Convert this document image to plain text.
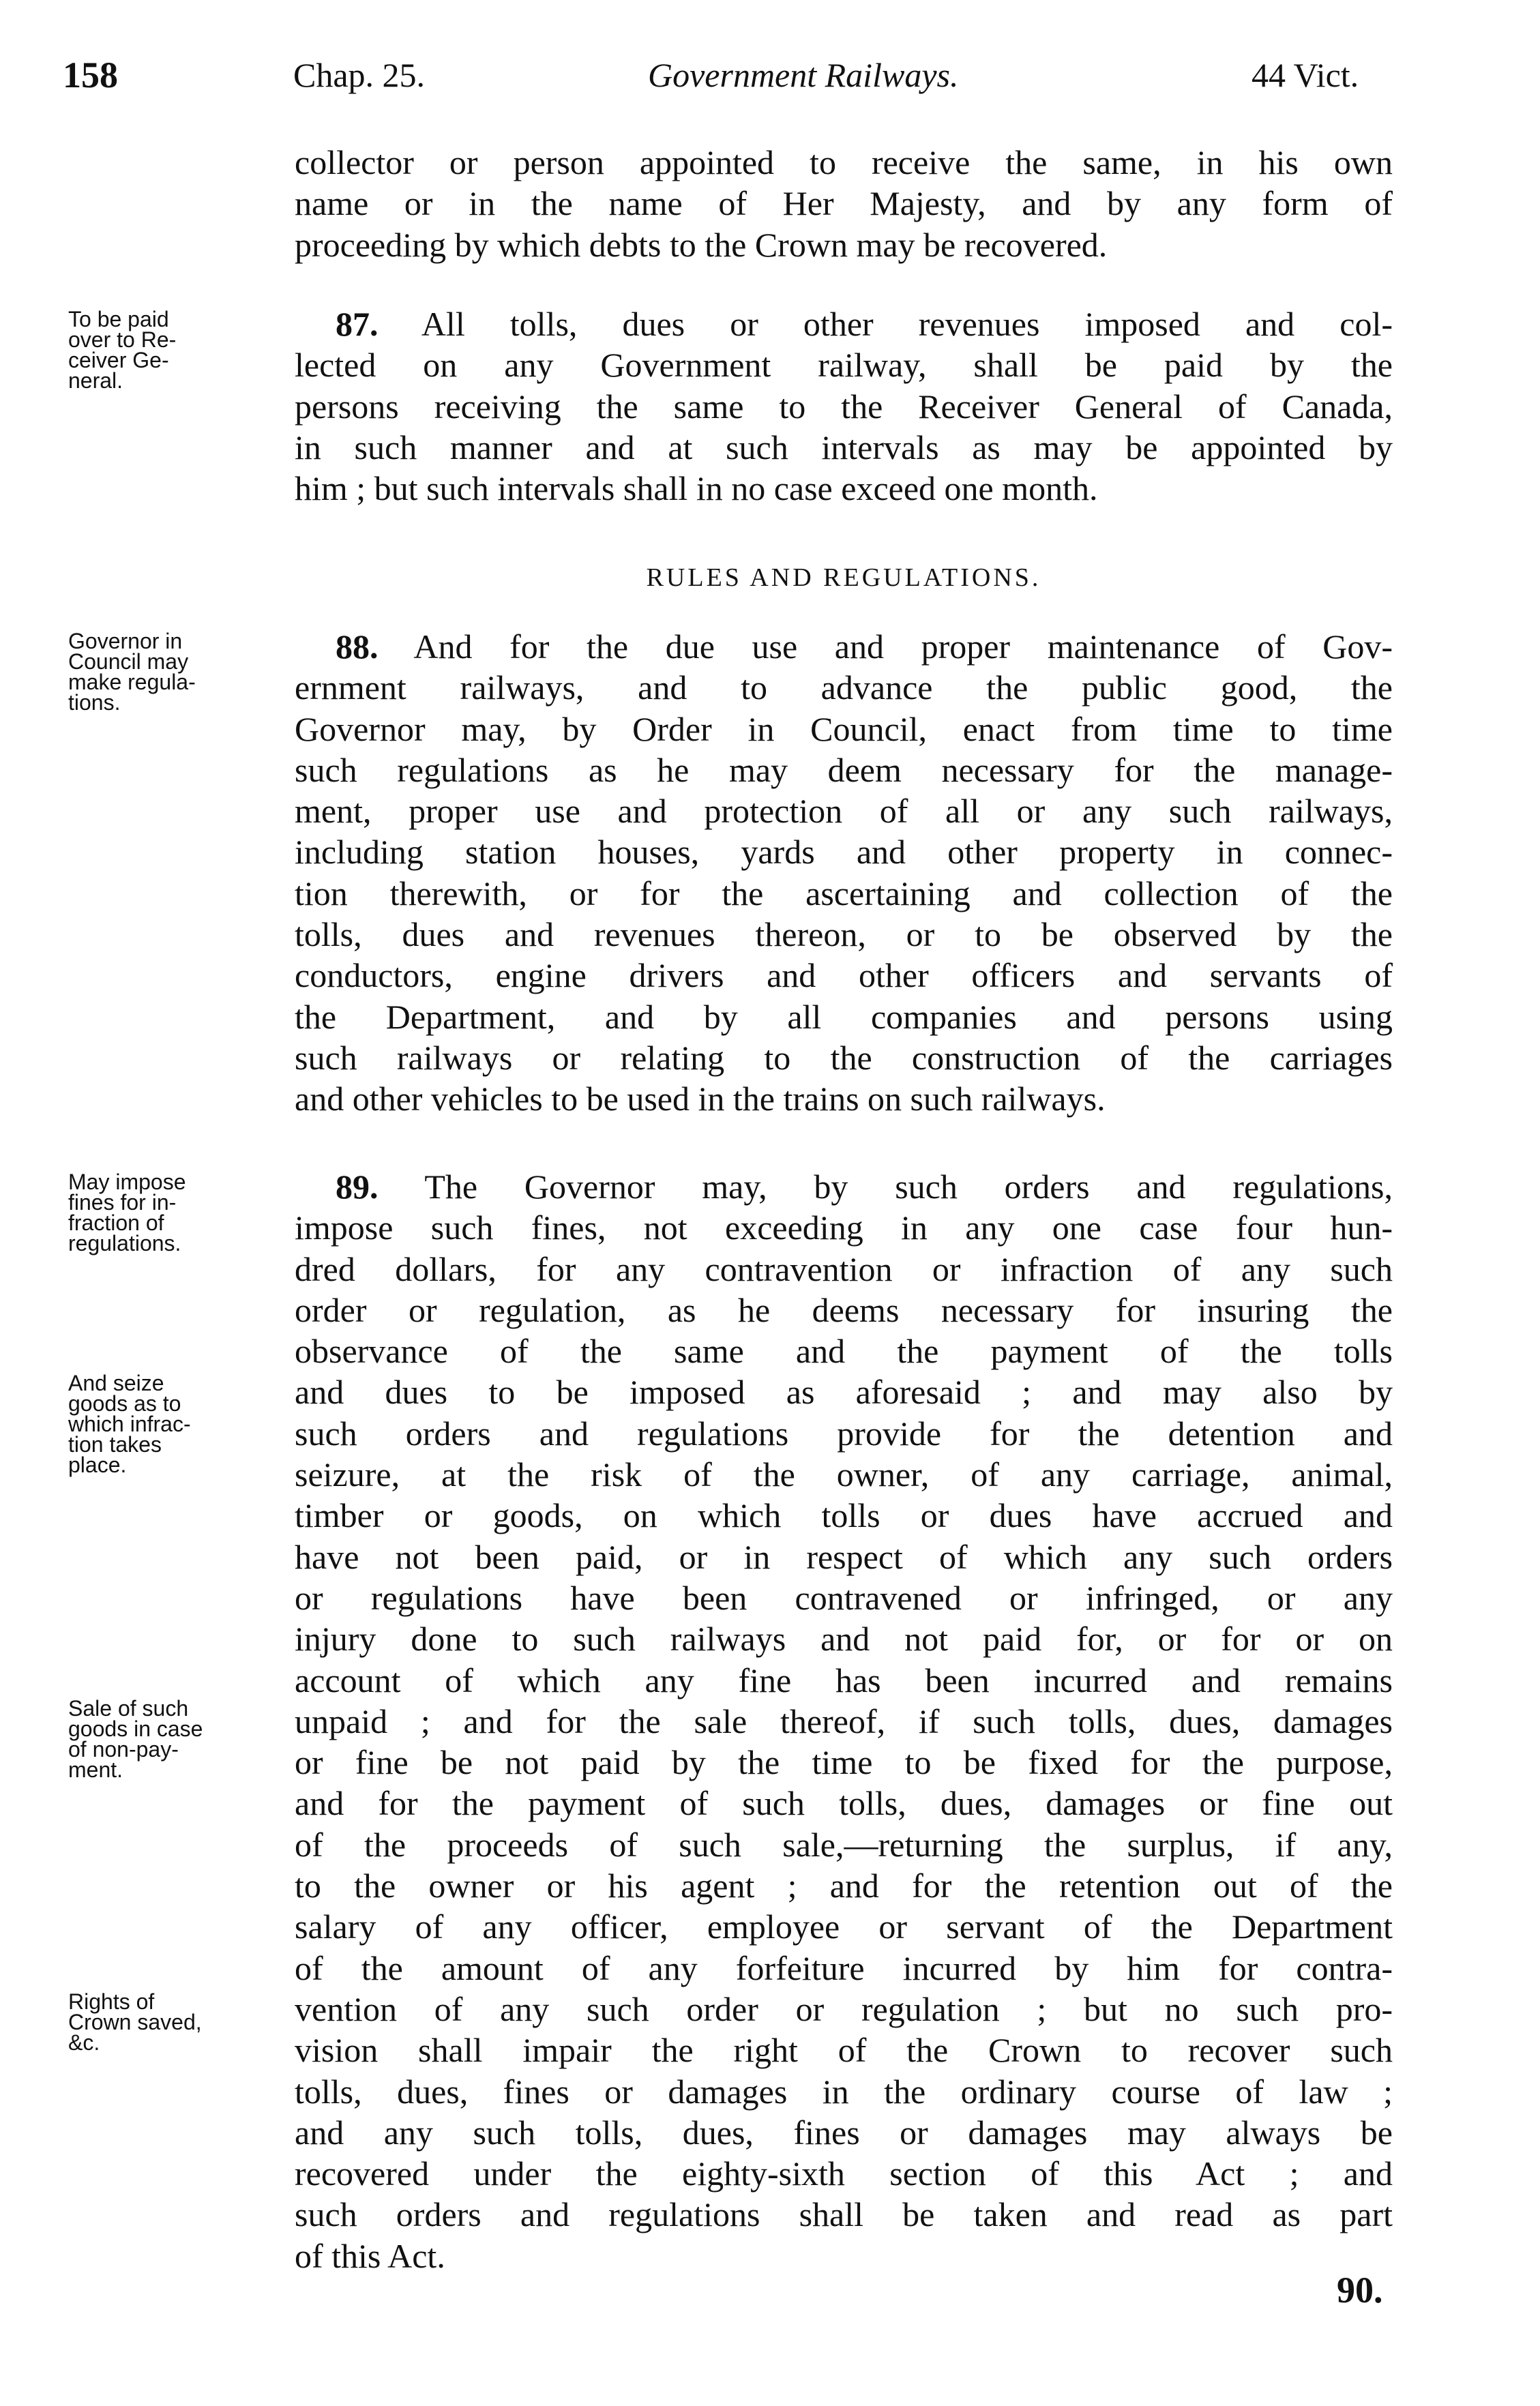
158	Chap. 25.	Government Railways.	44 Vict.
collector or person appointed to receive the same, in his own
name or in the name of Her Majesty, and by any form of
proceeding by which debts to the Crown may be recovered.
To be paid
over to Re-
ceiver Ge-
neral.
87. All tolls, dues or other revenues imposed and col-
lected on any Government railway, shall be paid by the
persons receiving the same to the Receiver General of Canada,
in such manner and at such intervals as may be appointed by
him ; but such intervals shall in no case exceed one month.
RULES AND REGULATIONS.
Governor in
Council may
make regula-
tions.
88. And for the due use and proper maintenance of Gov-
ernment railways, and to advance the public good, the
Governor may, by Order in Council, enact from time to time
such regulations as he may deem necessary for the manage-
ment, proper use and protection of all or any such railways,
including station houses, yards and other property in connec-
tion therewith, or for the ascertaining and collection of the
tolls, dues and revenues thereon, or to be observed by the
conductors, engine drivers and other officers and servants of
the Department, and by all companies and persons using
such railways or relating to the construction of the carriages
and other vehicles to be used in the trains on such railways.
May impose
fines for in-
fraction of
regulations.
And seize
goods as to
which infrac-
tion takes
place.
Sale of such
goods in case
of non-pay-
ment.
Rights of
Crown saved,
&c.
89. The Governor may, by such orders and regulations,
impose such fines, not exceeding in any one case four hun-
dred dollars, for any contravention or infraction of any such
order or regulation, as he deems necessary for insuring the
observance of the same and the payment of the tolls
and dues to be imposed as aforesaid ; and may also by
such orders and regulations provide for the detention and
seizure, at the risk of the owner, of any carriage, animal,
timber or goods, on which tolls or dues have accrued and
have not been paid, or in respect of which any such orders
or regulations have been contravened or infringed, or any
injury done to such railways and not paid for, or for or on
account of which any fine has been incurred and remains
unpaid ; and for the sale thereof, if such tolls, dues, damages
or fine be not paid by the time to be fixed for the purpose,
and for the payment of such tolls, dues, damages or fine out
of the proceeds of such sale,—returning the surplus, if any,
to the owner or his agent ; and for the retention out of the
salary of any officer, employee or servant of the Department
of the amount of any forfeiture incurred by him for contra-
vention of any such order or regulation ; but no such pro-
vision shall impair the right of the Crown to recover such
tolls, dues, fines or damages in the ordinary course of law ;
and any such tolls, dues, fines or damages may always be
recovered under the eighty-sixth section of this Act ; and
such orders and regulations shall be taken and read as part
of this Act.
90.
